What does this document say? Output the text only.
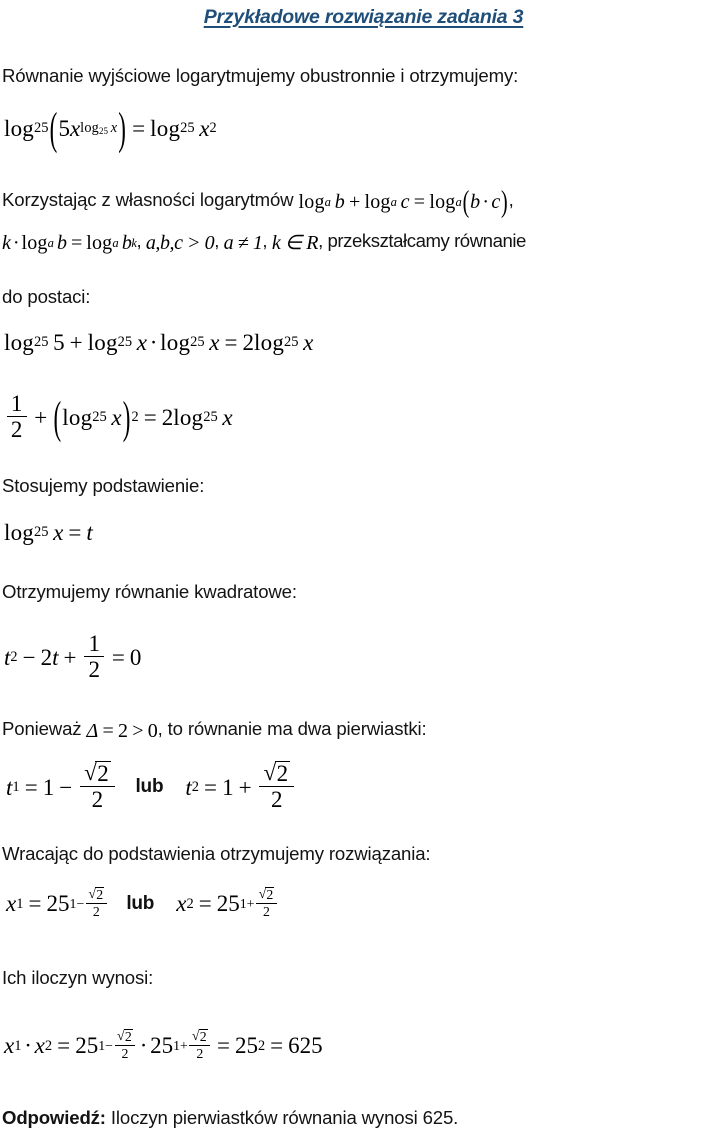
Przykładowe rozwiązanie zadania 3

Równanie wyjściowe logarytmujemy obustronnie i otrzymujemy:

log 25 ( 5 x log25  x ) = log 25
  x 2

Korzystając z własności logarytmów log a
  b + log a
  c = log a ( b · c ) ,

k · log a
  b = log a
  b k , a,b,c > 0, a ≠ 1, k ∈ R, przekształcamy równanie

do postaci:

log 25
  5 + log 25
  x · log 25
  x = 2 log 25
  x
$\frac{1}{2}$ + ( log 25
  x ) 2 = 2 log 25
  x

Stosujemy podstawienie:

log 25
  x = t

Otrzymujemy równanie kwadratowe:

t 2 − 2 $t + \frac{1}{2} = 0$

Ponieważ Δ = 2 > 0 , to równanie ma dwa pierwiastki:

t $1 = 1 - \frac{√ 2}{2}$ lub t $2 = 1 + \frac{√ 2}{2}$

Wracając do podstawienia otrzymujemy rozwiązania:

x 1 = 25 $1 - \frac{√ 2}{2}$ lub x 2 = 25 $1 + \frac{√ 2}{2}$

Ich iloczyn wynosi:

x 1 · x 2 = 25 $1 - \frac{√ 2}{2} \cdot 25$ $1 + \frac{√ 2}{2} = 25$ 2 = 625

Odpowiedź: Iloczyn pierwiastków równania wynosi 625.
